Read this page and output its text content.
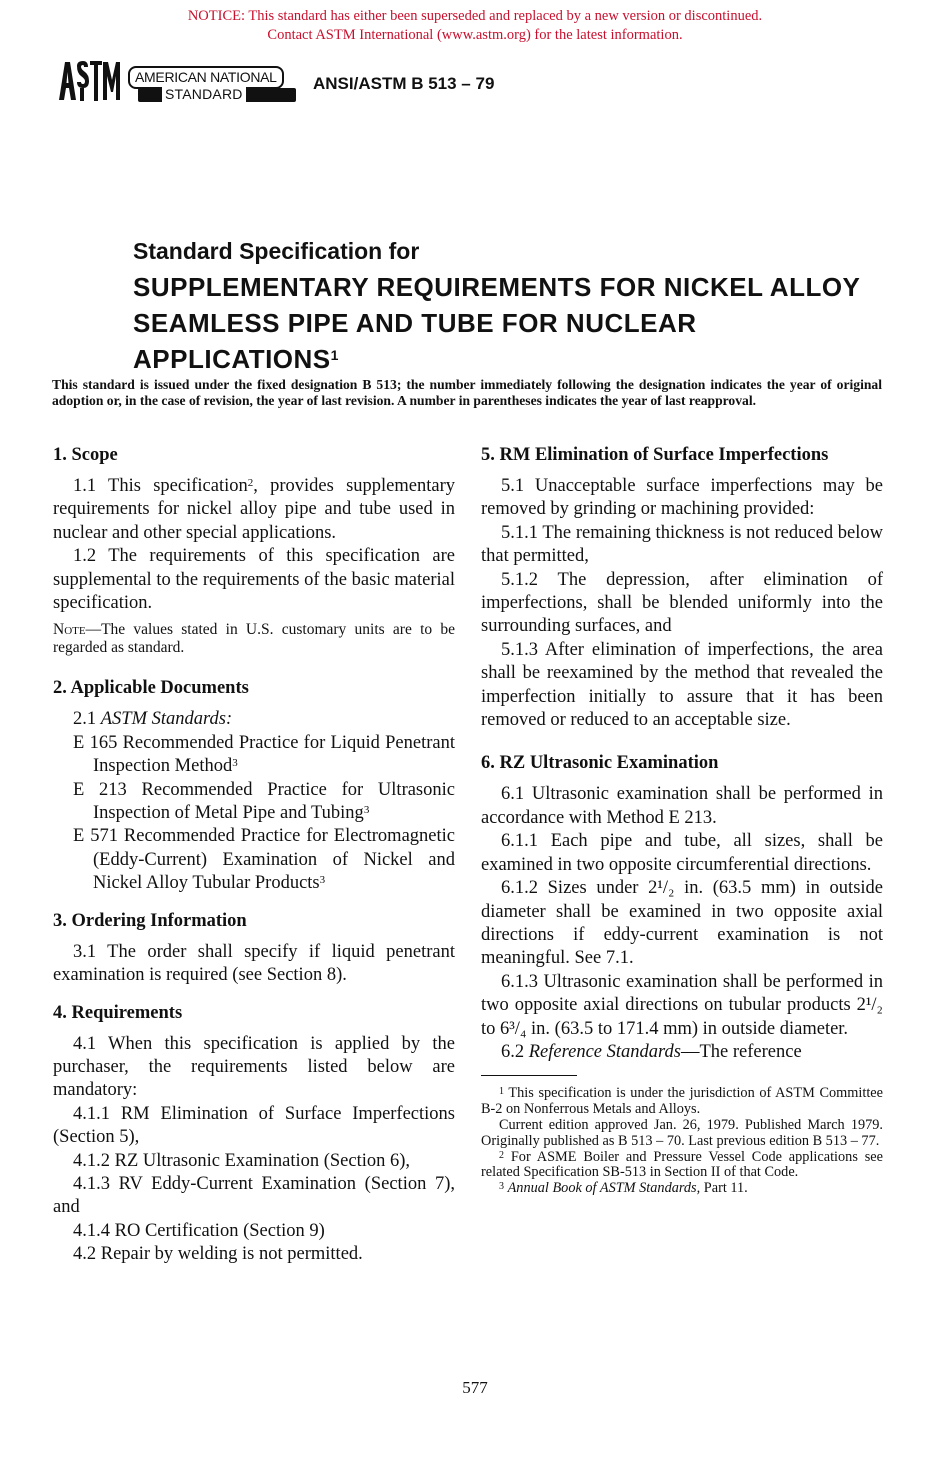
NOTICE: This standard has either been superseded and replaced by a new version or discontinued.
Contact ASTM International (www.astm.org) for the latest information.
AMERICAN NATIONAL
STANDARD
ANSI/ASTM B 513 – 79
Standard Specification for
SUPPLEMENTARY REQUIREMENTS FOR NICKEL ALLOY SEAMLESS PIPE AND TUBE FOR NUCLEAR APPLICATIONS$^1$
This standard is issued under the fixed designation B 513; the number immediately following the designation indicates the year of original adoption or, in the case of revision, the year of last revision. A number in parentheses indicates the year of last reapproval.
1. Scope

1.1 This specification$^2$, provides supplementary requirements for nickel alloy pipe and tube used in nuclear and other special applications.

1.2 The requirements of this specification are supplemental to the requirements of the basic material specification.

Note—The values stated in U.S. customary units are to be regarded as standard.

2. Applicable Documents

2.1 ASTM Standards:

E 165 Recommended Practice for Liquid Penetrant Inspection Method$^3$

E 213 Recommended Practice for Ultrasonic Inspection of Metal Pipe and Tubing$^3$

E 571 Recommended Practice for Electromagnetic (Eddy-Current) Examination of Nickel and Nickel Alloy Tubular Products$^3$

3. Ordering Information

3.1 The order shall specify if liquid penetrant examination is required (see Section 8).

4. Requirements

4.1 When this specification is applied by the purchaser, the requirements listed below are mandatory:

4.1.1 RM Elimination of Surface Imperfections (Section 5),

4.1.2 RZ Ultrasonic Examination (Section 6),

4.1.3 RV Eddy-Current Examination (Section 7), and

4.1.4 RO Certification (Section 9)

4.2 Repair by welding is not permitted.

5. RM Elimination of Surface Imperfections

5.1 Unacceptable surface imperfections may be removed by grinding or machining provided:

5.1.1 The remaining thickness is not reduced below that permitted,

5.1.2 The depression, after elimination of imperfections, shall be blended uniformly into the surrounding surfaces, and

5.1.3 After elimination of imperfections, the area shall be reexamined by the method that revealed the imperfection initially to assure that it has been removed or reduced to an acceptable size.

6. RZ Ultrasonic Examination

6.1 Ultrasonic examination shall be performed in accordance with Method E 213.

6.1.1 Each pipe and tube, all sizes, shall be examined in two opposite circumferential directions.

6.1.2 Sizes under 2¹/₂ in. (63.5 mm) in outside diameter shall be examined in two opposite axial directions if eddy-current examination is not meaningful. See 7.1.

6.1.3 Ultrasonic examination shall be performed in two opposite axial directions on tubular products 2¹/₂ to 6³/₄ in. (63.5 to 171.4 mm) in outside diameter.

6.2 Reference Standards—The reference

$^1$ This specification is under the jurisdiction of ASTM Committee B-2 on Nonferrous Metals and Alloys.

Current edition approved Jan. 26, 1979. Published March 1979. Originally published as B 513 – 70. Last previous edition B 513 – 77.

$^2$ For ASME Boiler and Pressure Vessel Code applications see related Specification SB-513 in Section II of that Code.

$^3$ Annual Book of ASTM Standards, Part 11.

577
